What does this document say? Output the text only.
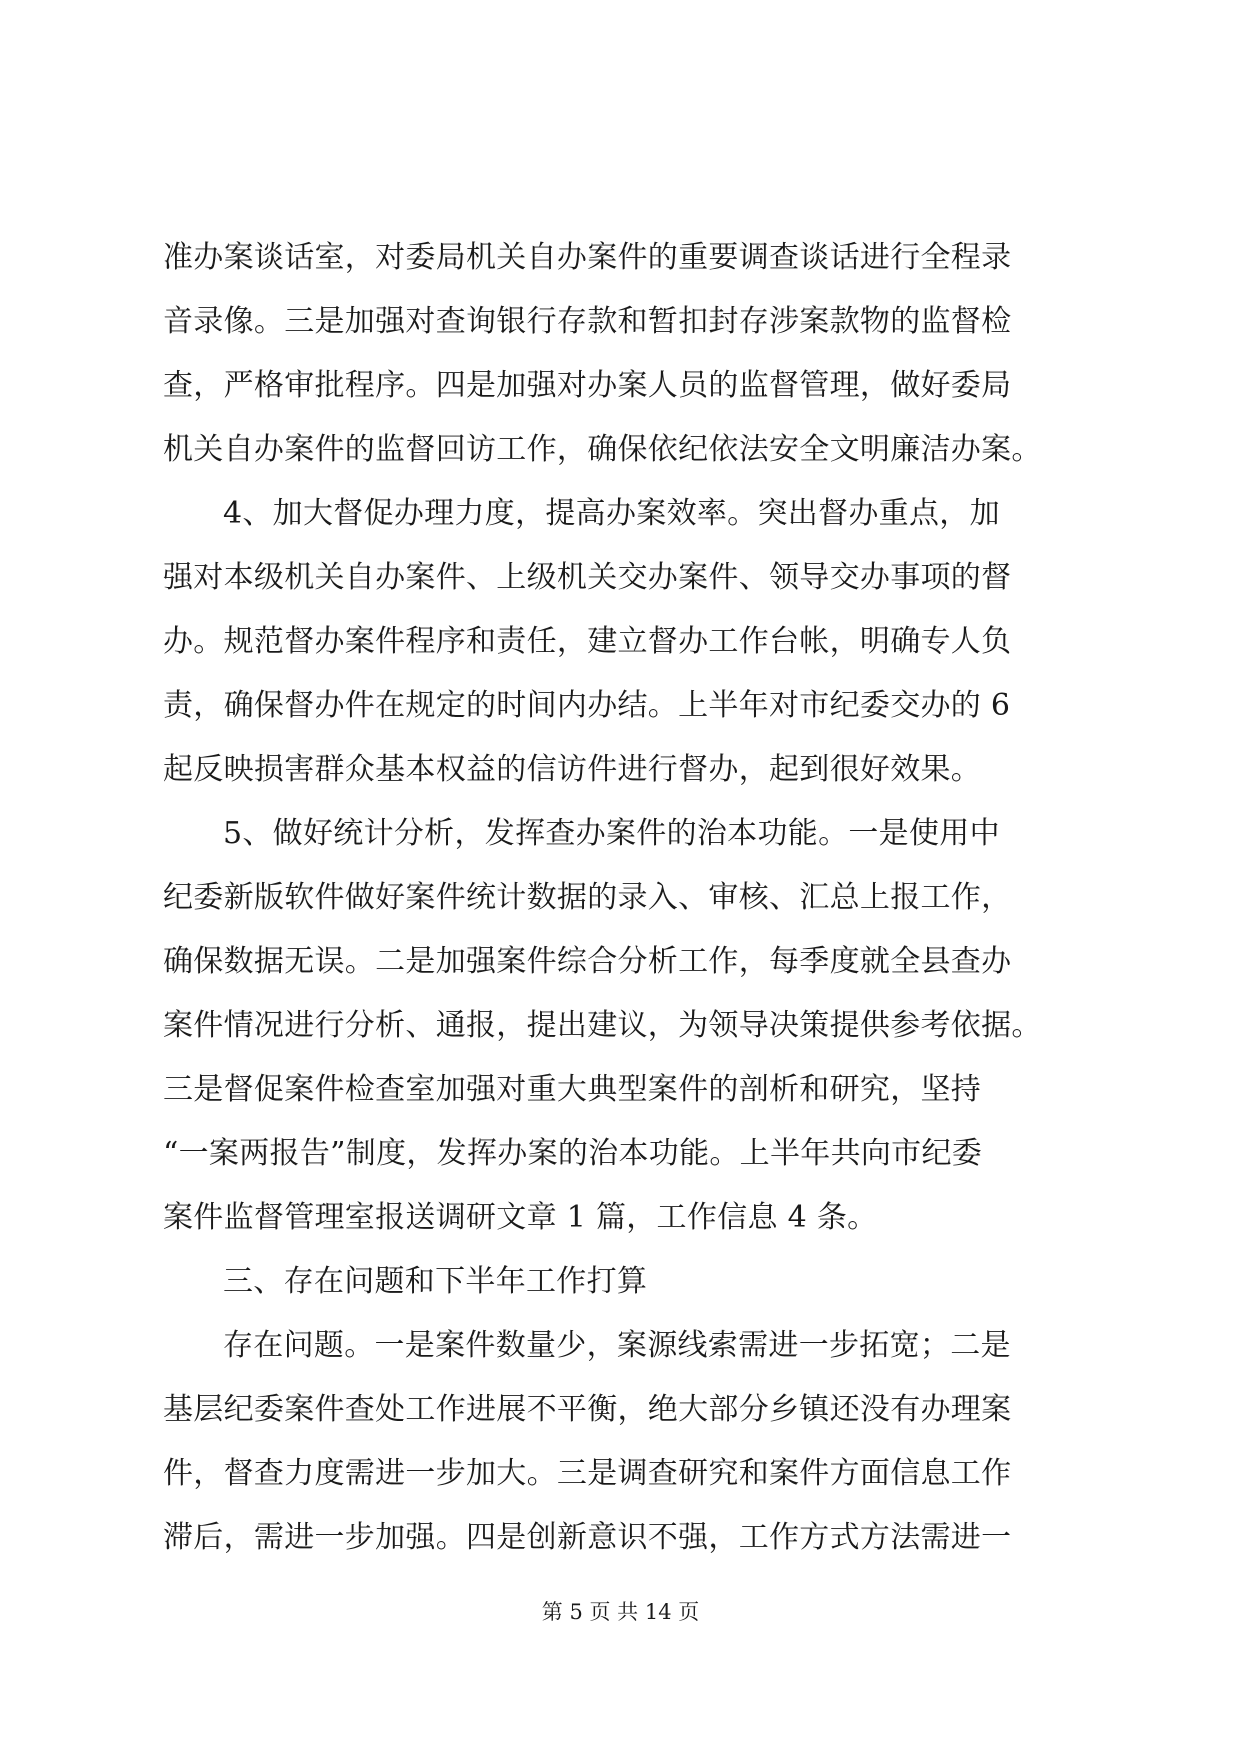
准办案谈话室，对委局机关自办案件的重要调查谈话进行全程录
音录像。三是加强对查询银行存款和暂扣封存涉案款物的监督检
查，严格审批程序。四是加强对办案人员的监督管理，做好委局
机关自办案件的监督回访工作，确保依纪依法安全文明廉洁办案。
4、加大督促办理力度，提高办案效率。突出督办重点，加
强对本级机关自办案件、上级机关交办案件、领导交办事项的督
办。规范督办案件程序和责任，建立督办工作台帐，明确专人负
责，确保督办件在规定的时间内办结。上半年对市纪委交办的 6
起反映损害群众基本权益的信访件进行督办，起到很好效果。
5、做好统计分析，发挥查办案件的治本功能。一是使用中
纪委新版软件做好案件统计数据的录入、审核、汇总上报工作，
确保数据无误。二是加强案件综合分析工作，每季度就全县查办
案件情况进行分析、通报，提出建议，为领导决策提供参考依据。
三是督促案件检查室加强对重大典型案件的剖析和研究，坚持
“一案两报告”制度，发挥办案的治本功能。上半年共向市纪委
案件监督管理室报送调研文章 1 篇，工作信息 4 条。
三、存在问题和下半年工作打算
存在问题。一是案件数量少，案源线索需进一步拓宽；二是
基层纪委案件查处工作进展不平衡，绝大部分乡镇还没有办理案
件，督查力度需进一步加大。三是调查研究和案件方面信息工作
滞后，需进一步加强。四是创新意识不强，工作方式方法需进一
第 5 页 共 14 页
